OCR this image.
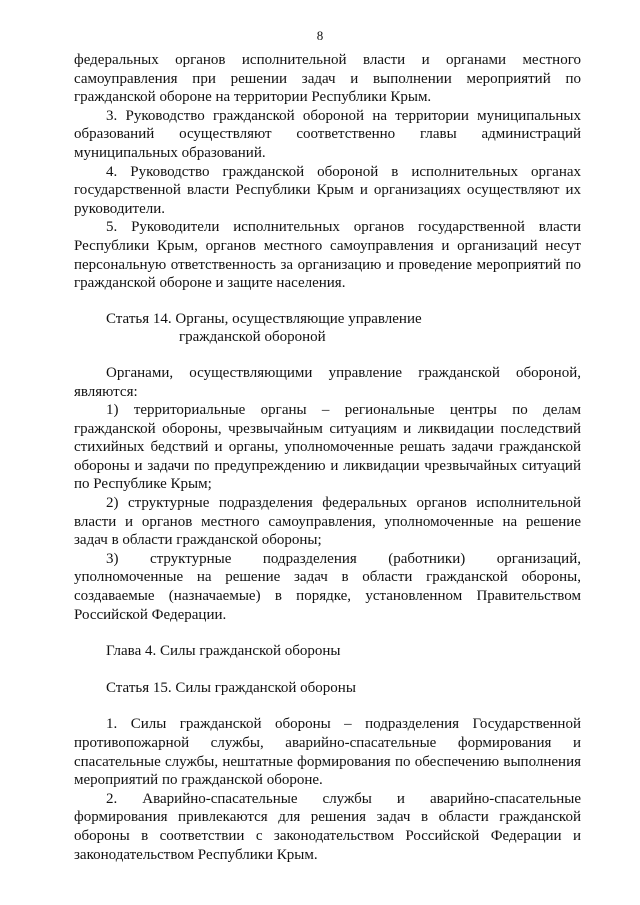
8

федеральных органов исполнительной власти и органами местного самоуправления при решении задач и выполнении мероприятий по гражданской обороне на территории Республики Крым.

3. Руководство гражданской обороной на территории муниципальных образований осуществляют соответственно главы администраций муниципальных образований.

4. Руководство гражданской обороной в исполнительных органах государственной власти Республики Крым и организациях осуществляют их руководители.

5. Руководители исполнительных органов государственной власти Республики Крым, органов местного самоуправления и организаций несут персональную ответственность за организацию и проведение мероприятий по гражданской обороне и защите населения.

Статья 14. Органы, осуществляющие управление
гражданской обороной

Органами, осуществляющими управление гражданской обороной, являются:

1) территориальные органы – региональные центры по делам гражданской обороны, чрезвычайным ситуациям и ликвидации последствий стихийных бедствий и органы, уполномоченные решать задачи гражданской обороны и задачи по предупреждению и ликвидации чрезвычайных ситуаций по Республике Крым;

2) структурные подразделения федеральных органов исполнительной власти и органов местного самоуправления, уполномоченные на решение задач в области гражданской обороны;

3) структурные подразделения (работники) организаций, уполномоченные на решение задач в области гражданской обороны, создаваемые (назначаемые) в порядке, установленном Правительством Российской Федерации.

Глава 4. Силы гражданской обороны

Статья 15. Силы гражданской обороны

1. Силы гражданской обороны – подразделения Государственной противопожарной службы, аварийно-спасательные формирования и спасательные службы, нештатные формирования по обеспечению выполнения мероприятий по гражданской обороне.

2. Аварийно-спасательные службы и аварийно-спасательные формирования привлекаются для решения задач в области гражданской обороны в соответствии с законодательством Российской Федерации и законодательством Республики Крым.
